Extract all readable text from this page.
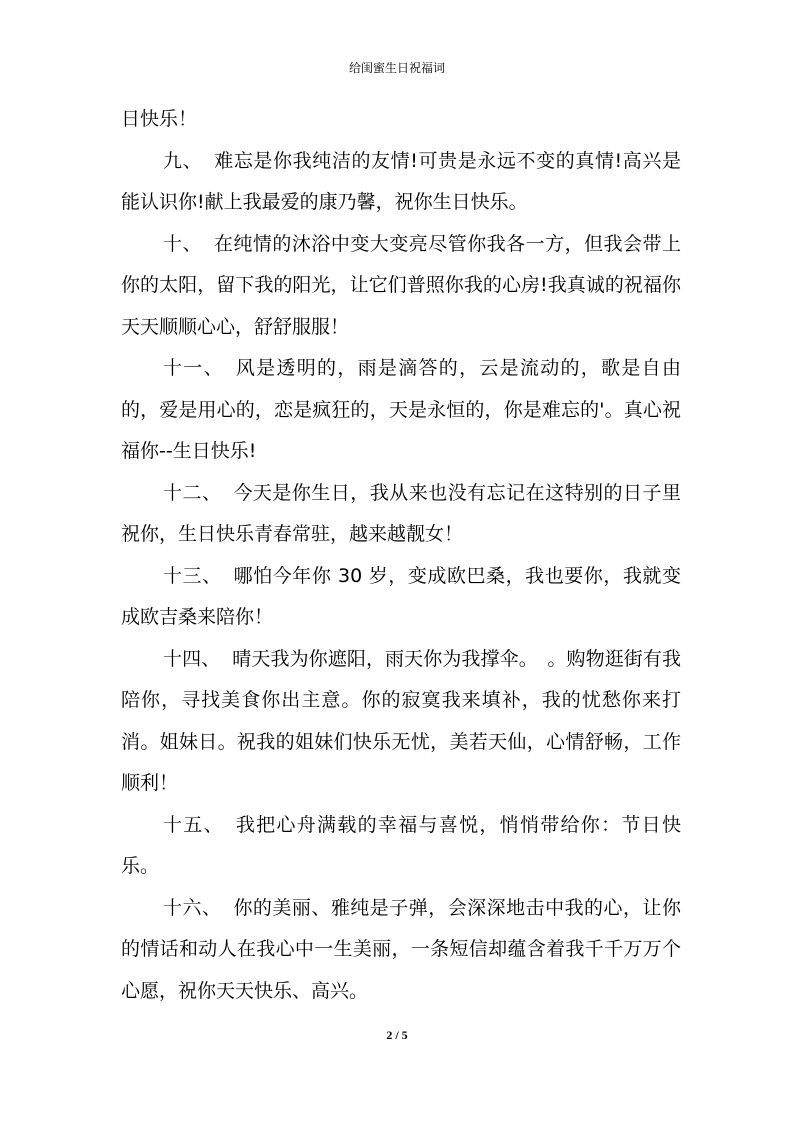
给闺蜜生日祝福词

日快乐！

九、 难忘是你我纯洁的友情!可贵是永远不变的真情!高兴是能认识你!献上我最爱的康乃馨，祝你生日快乐。

十、 在纯情的沐浴中变大变亮尽管你我各一方，但我会带上你的太阳，留下我的阳光，让它们普照你我的心房!我真诚的祝福你天天顺顺心心，舒舒服服！

十一、 风是透明的，雨是滴答的，云是流动的，歌是自由的，爱是用心的，恋是疯狂的，天是永恒的，你是难忘的'。真心祝福你--生日快乐!

十二、 今天是你生日，我从来也没有忘记在这特别的日子里祝你，生日快乐青春常驻，越来越靓女！

十三、 哪怕今年你 30 岁，变成欧巴桑，我也要你，我就变成欧吉桑来陪你！

十四、 晴天我为你遮阳，雨天你为我撑伞。　。购物逛街有我陪你，寻找美食你出主意。你的寂寞我来填补，我的忧愁你来打消。姐妹日。祝我的姐妹们快乐无忧，美若天仙，心情舒畅，工作顺利！

十五、 我把心舟满载的幸福与喜悦，悄悄带给你：节日快乐。

十六、 你的美丽、雅纯是子弹，会深深地击中我的心，让你的情话和动人在我心中一生美丽，一条短信却蕴含着我千千万万个心愿，祝你天天快乐、高兴。

2 / 5
